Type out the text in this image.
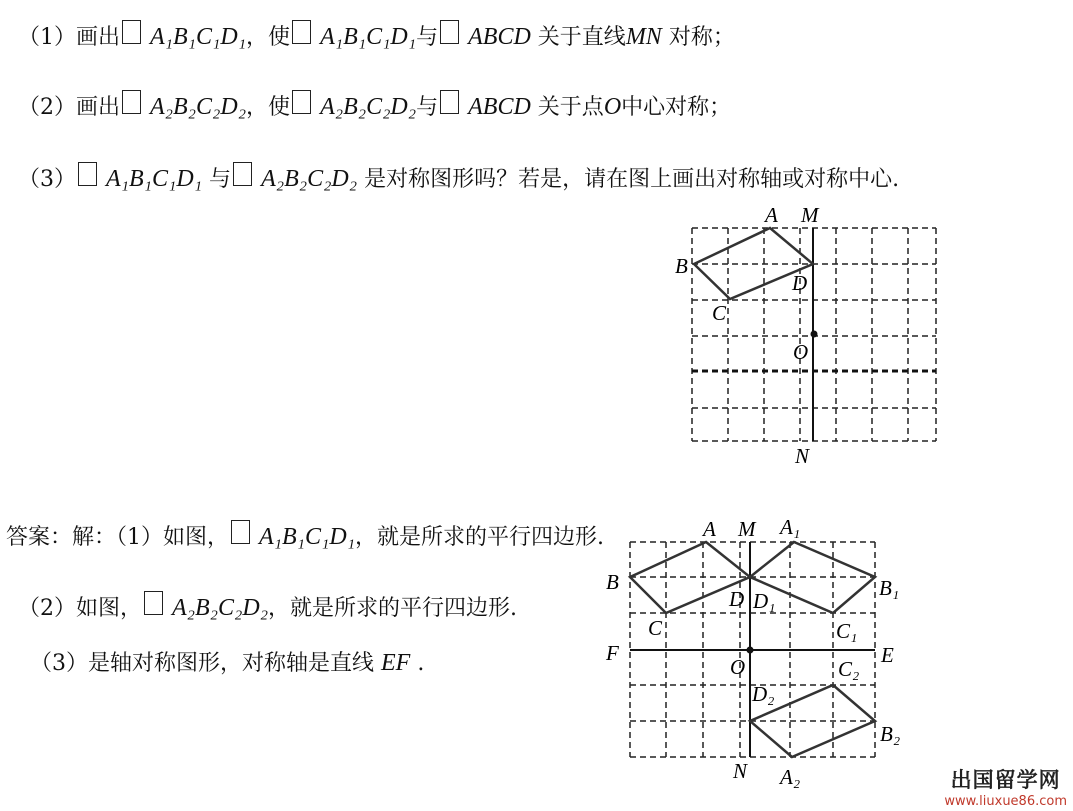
（1）画出 A₁B₁C₁D₁，使 A₁B₁C₁D₁与 ABCD 关于直线MN 对称；
（2）画出 A₂B₂C₂D₂，使 A₂B₂C₂D₂与 ABCD 关于点O中心对称；
（3） A₁B₁C₁D₁ 与 A₂B₂C₂D₂ 是对称图形吗？若是，请在图上画出对称轴或对称中心.
答案：解：（1）如图， A₁B₁C₁D₁，就是所求的平行四边形.
（2）如图， A₂B₂C₂D₂，就是所求的平行四边形.
（3）是轴对称图形，对称轴是直线 EF .
A M
B
D
C
O
N
A M A₁
B	B₁
D D₁
C	C₁
F	E
O	C₂
D₂
B₂
N A₂	出国留学网
www.liuxue86.com
